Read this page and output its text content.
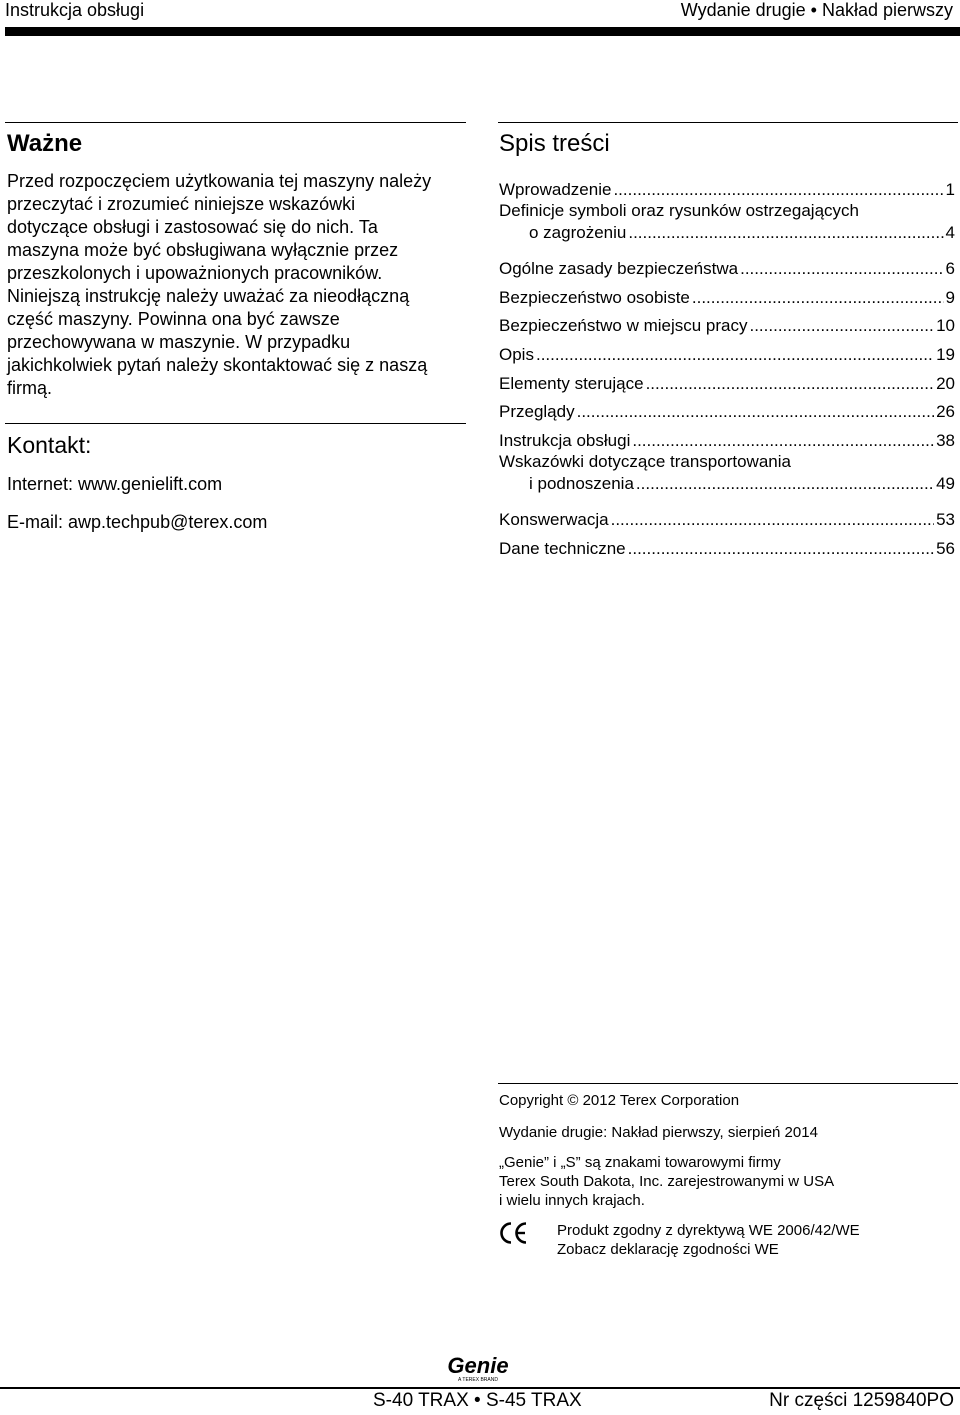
Instrukcja obsługi	Wydanie drugie • Nakład pierwszy
Ważne
Przed rozpoczęciem użytkowania tej maszyny należy
przeczytać i zrozumieć niniejsze wskazówki
dotyczące obsługi i zastosować się do nich. Ta
maszyna może być obsługiwana wyłącznie przez
przeszkolonych i upoważnionych pracowników.
Niniejszą instrukcję należy uważać za nieodłączną
część maszyny. Powinna ona być zawsze
przechowywana w maszynie. W przypadku
jakichkolwiek pytań należy skontaktować się z naszą
firmą.
Kontakt:
Internet: www.genielift.com
E-mail: awp.techpub@terex.com
Spis treści
Wprowadzenie .....	1
Definicje symboli oraz rysunków ostrzegających
o zagrożeniu .....	4
Ogólne zasady bezpieczeństwa .....	6
Bezpieczeństwo osobiste .....	9
Bezpieczeństwo w miejscu pracy .....	10
Opis .....	19
Elementy sterujące .....	20
Przeglądy .....	26
Instrukcja obsługi .....	38
Wskazówki dotyczące transportowania
i podnoszenia .....	49
Konswerwacja .....	53
Dane techniczne .....	56
Copyright © 2012 Terex Corporation
Wydanie drugie: Nakład pierwszy, sierpień 2014
„Genie” i „S” są znakami towarowymi firmy
Terex South Dakota, Inc. zarejestrowanymi w USA
i wielu innych krajach.
Produkt zgodny z dyrektywą WE 2006/42/WE
Zobacz deklarację zgodności WE
Genie
A TEREX BRAND
S-40 TRAX • S-45 TRAX	Nr części 1259840PO
